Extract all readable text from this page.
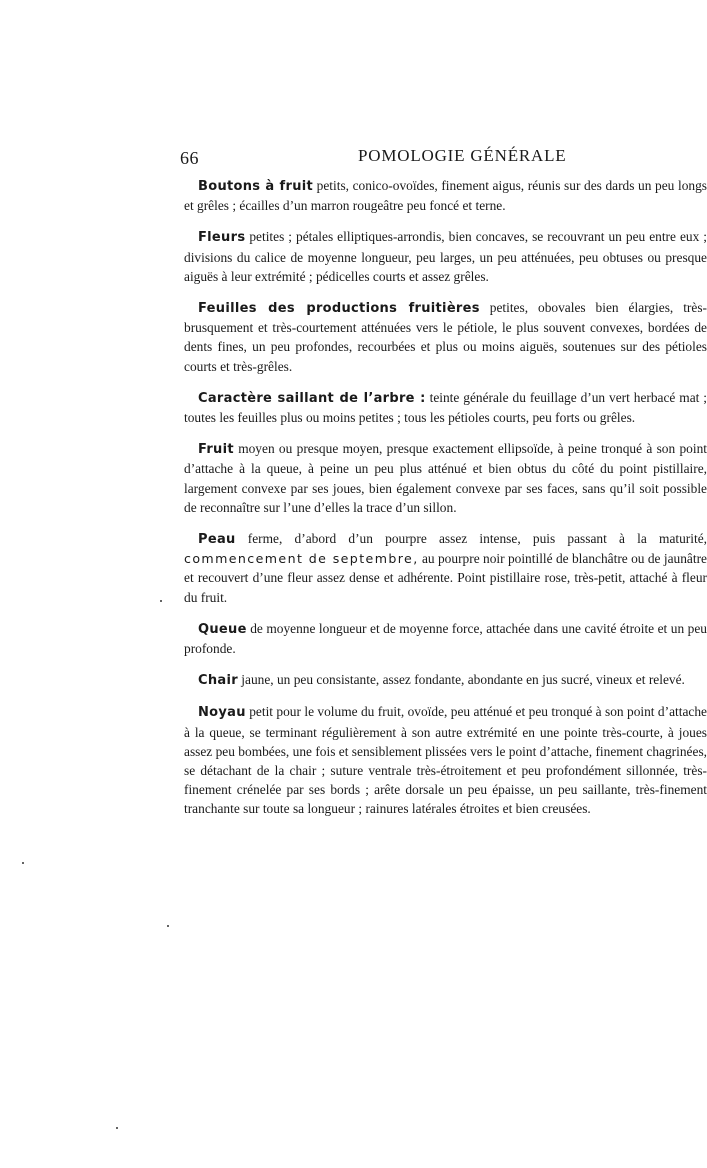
66	POMOLOGIE GÉNÉRALE

Boutons à fruit petits, conico-ovoïdes, finement aigus, réunis sur des dards un peu longs et grêles ; écailles d’un marron rougeâtre peu foncé et terne.

Fleurs petites ; pétales elliptiques-arrondis, bien concaves, se recouvrant un peu entre eux ; divisions du calice de moyenne longueur, peu larges, un peu atténuées, peu obtuses ou presque aiguës à leur extrémité ; pédicelles courts et assez grêles.

Feuilles des productions fruitières petites, obovales bien élargies, très-brusquement et très-courtement atténuées vers le pétiole, le plus souvent convexes, bordées de dents fines, un peu profondes, recourbées et plus ou moins aiguës, soutenues sur des pétioles courts et très-grêles.

Caractère saillant de l’arbre : teinte générale du feuillage d’un vert herbacé mat ; toutes les feuilles plus ou moins petites ; tous les pétioles courts, peu forts ou grêles.

Fruit moyen ou presque moyen, presque exactement ellipsoïde, à peine tronqué à son point d’attache à la queue, à peine un peu plus atténué et bien obtus du côté du point pistillaire, largement convexe par ses joues, bien également convexe par ses faces, sans qu’il soit possible de reconnaître sur l’une d’elles la trace d’un sillon.

Peau ferme, d’abord d’un pourpre assez intense, puis passant à la maturité, commencement de septembre, au pourpre noir pointillé de blanchâtre ou de jaunâtre et recouvert d’une fleur assez dense et adhérente. Point pistillaire rose, très-petit, attaché à fleur du fruit.

Queue de moyenne longueur et de moyenne force, attachée dans une cavité étroite et un peu profonde.

Chair jaune, un peu consistante, assez fondante, abondante en jus sucré, vineux et relevé.

Noyau petit pour le volume du fruit, ovoïde, peu atténué et peu tronqué à son point d’attache à la queue, se terminant régulièrement à son autre extrémité en une pointe très-courte, à joues assez peu bombées, une fois et sensiblement plissées vers le point d’attache, finement chagrinées, se détachant de la chair ; suture ventrale très-étroitement et peu profondément sillonnée, très-finement crénelée par ses bords ; arête dorsale un peu épaisse, un peu saillante, très-finement tranchante sur toute sa longueur ; rainures latérales étroites et bien creusées.
